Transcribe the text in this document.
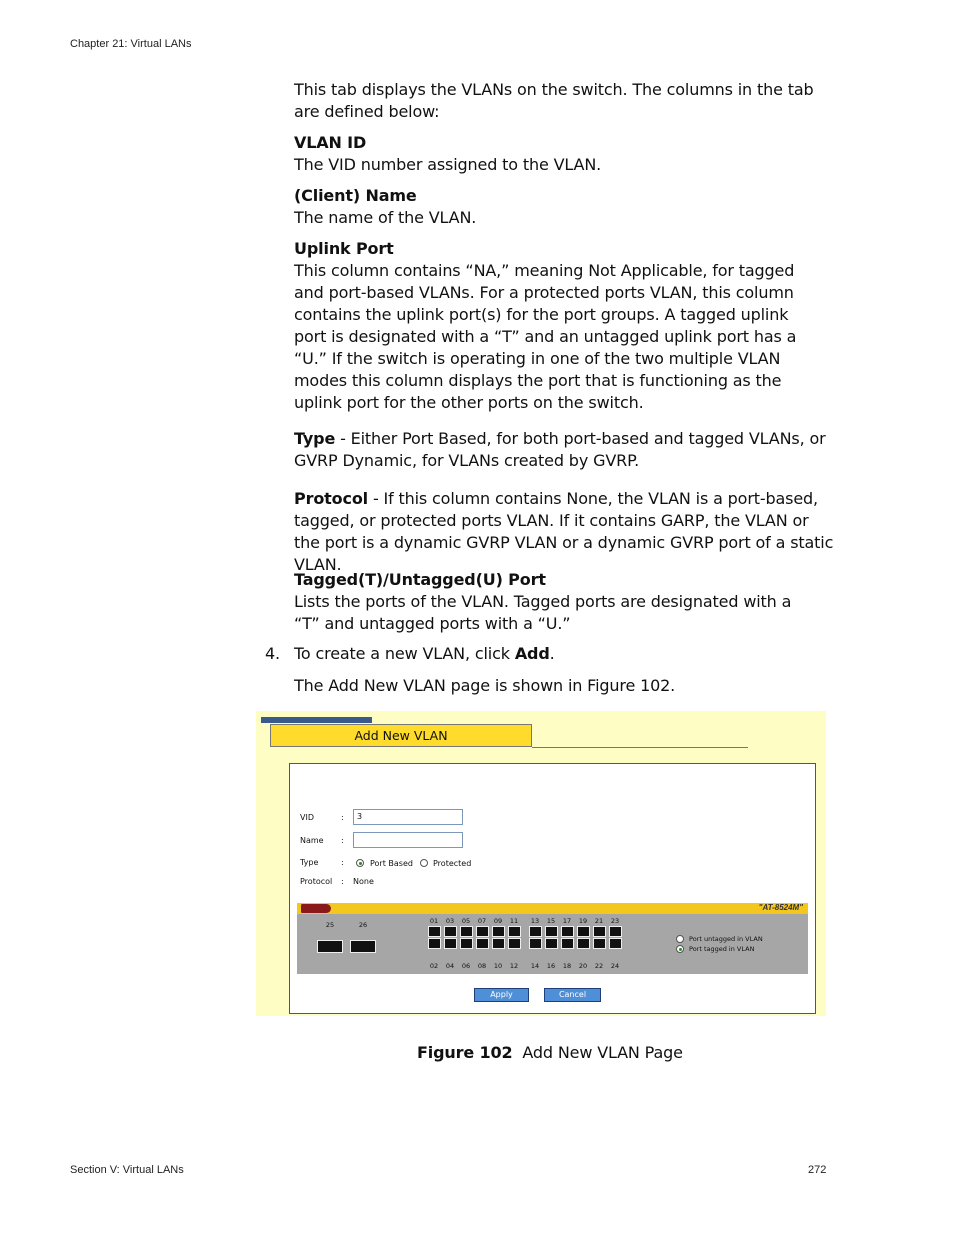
Chapter 21: Virtual LANs
This tab displays the VLANs on the switch. The columns in the tab are defined below:
VLAN ID
The VID number assigned to the VLAN.
(Client) Name
The name of the VLAN.
Uplink Port
This column contains “NA,” meaning Not Applicable, for tagged and port-based VLANs. For a protected ports VLAN, this column contains the uplink port(s) for the port groups. A tagged uplink port is designated with a “T” and an untagged uplink port has a “U.” If the switch is operating in one of the two multiple VLAN modes this column displays the port that is functioning as the uplink port for the other ports on the switch.
Type - Either Port Based, for both port-based and tagged VLANs, or GVRP Dynamic, for VLANs created by GVRP.
Protocol - If this column contains None, the VLAN is a port-based, tagged, or protected ports VLAN. If it contains GARP, the VLAN or the port is a dynamic GVRP VLAN or a dynamic GVRP port of a static VLAN.
Tagged(T)/Untagged(U) Port
Lists the ports of the VLAN. Tagged ports are designated with a “T” and untagged ports with a “U.”
4. To create a new VLAN, click Add.
The Add New VLAN page is shown in Figure 102.
Add New VLAN
VID	:	3
Name :
Type	:	Port Based	Protected
Protocol : None
"AT-8524M"
25	26
Port untagged in VLAN
Port tagged in VLAN
01
02
03
04
05
06
07
08
09
10
11
12
13
14
15
16
17
18
19
20
21
22
23
24
Apply	Cancel
Figure 102 Add New VLAN Page
Section V: Virtual LANs	272
